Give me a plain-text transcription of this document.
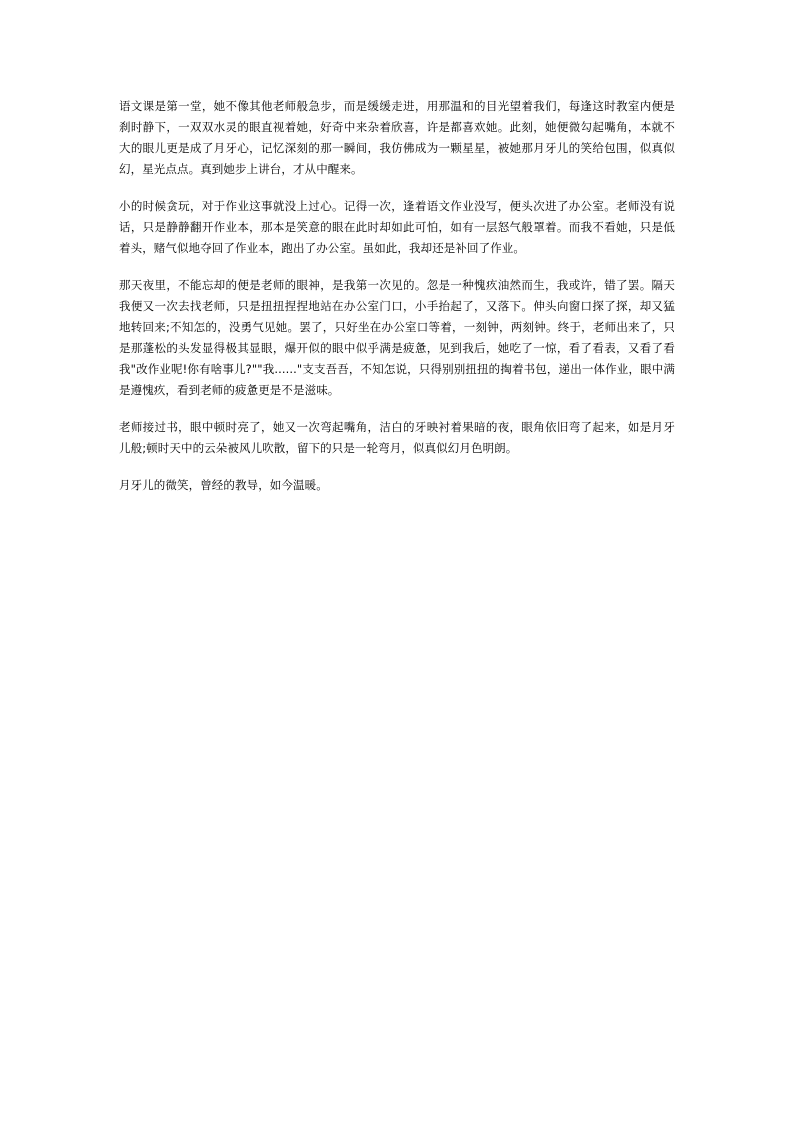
语文课是第一堂，她不像其他老师般急步，而是缓缓走进，用那温和的目光望着我们，每逢这时教室内便是刹时静下，一双双水灵的眼直视着她，好奇中来杂着欣喜，许是都喜欢她。此刻，她便微勾起嘴角，本就不大的眼儿更是成了月牙心，记忆深刻的那一瞬间，我仿佛成为一颗星星，被她那月牙儿的笑给包围，似真似幻，星光点点。真到她步上讲台，才从中醒来。

小的时候贪玩，对于作业这事就没上过心。记得一次，逢着语文作业没写，便头次进了办公室。老师没有说话，只是静静翻开作业本，那本是笑意的眼在此时却如此可怕，如有一层怒气般罩着。而我不看她，只是低着头，赌气似地夺回了作业本，跑出了办公室。虽如此，我却还是补回了作业。

那天夜里，不能忘却的便是老师的眼神，是我第一次见的。忽是一种愧疚油然而生，我或许，错了罢。隔天我便又一次去找老师，只是扭扭捏捏地站在办公室门口，小手抬起了，又落下。伸头向窗口探了探，却又猛地转回来;不知怎的，没勇气见她。罢了，只好坐在办公室口等着，一刻钟，两刻钟。终于，老师出来了，只是那蓬松的头发显得极其显眼，爆开似的眼中似乎满是疲惫，见到我后，她吃了一惊，看了看表，又看了看我"改作业呢!你有啥事儿?""我......"支支吾吾，不知怎说，只得别别扭扭的掏着书包，递出一体作业，眼中满是遵愧疚，看到老师的疲惫更是不是滋味。

老师接过书，眼中顿时亮了，她又一次弯起嘴角，洁白的牙映衬着果暗的夜，眼角依旧弯了起来，如是月牙儿般;顿时天中的云朵被风儿吹散，留下的只是一轮弯月，似真似幻月色明朗。

月牙儿的微笑，曾经的教导，如今温暖。
